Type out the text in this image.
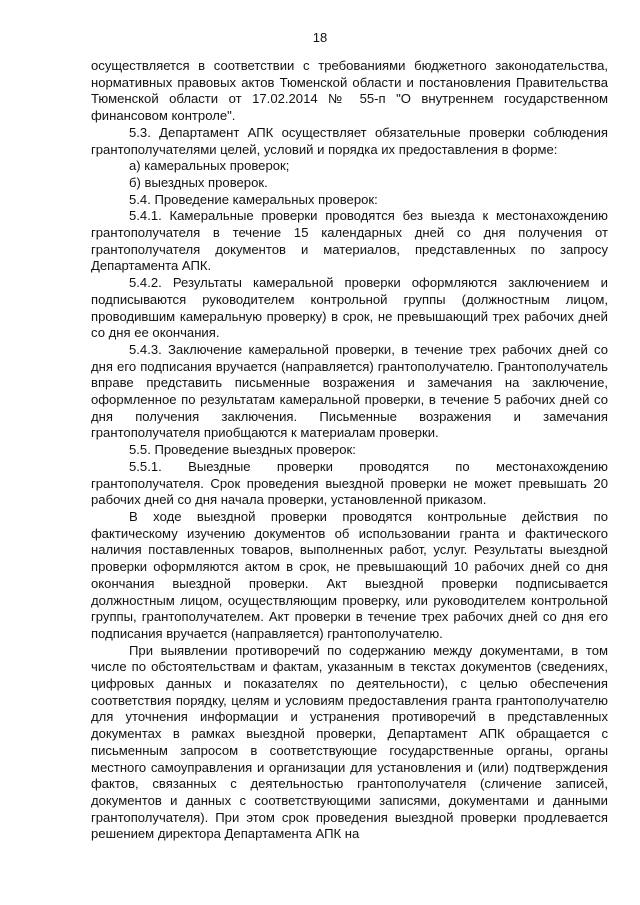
18

осуществляется в соответствии с требованиями бюджетного законодательства, нормативных правовых актов Тюменской области и постановления Правительства Тюменской области от 17.02.2014 № 55-п "О внутреннем государственном финансовом контроле".

5.3. Департамент АПК осуществляет обязательные проверки соблюдения грантополучателями целей, условий и порядка их предоставления в форме:

а) камеральных проверок;

б) выездных проверок.

5.4. Проведение камеральных проверок:

5.4.1. Камеральные проверки проводятся без выезда к местонахождению грантополучателя в течение 15 календарных дней со дня получения от грантополучателя документов и материалов, представленных по запросу Департамента АПК.

5.4.2. Результаты камеральной проверки оформляются заключением и подписываются руководителем контрольной группы (должностным лицом, проводившим камеральную проверку) в срок, не превышающий трех рабочих дней со дня ее окончания.

5.4.3. Заключение камеральной проверки, в течение трех рабочих дней со дня его подписания вручается (направляется) грантополучателю. Грантополучатель вправе представить письменные возражения и замечания на заключение, оформленное по результатам камеральной проверки, в течение 5 рабочих дней со дня получения заключения. Письменные возражения и замечания грантополучателя приобщаются к материалам проверки.

5.5. Проведение выездных проверок:

5.5.1. Выездные проверки проводятся по местонахождению грантополучателя. Срок проведения выездной проверки не может превышать 20 рабочих дней со дня начала проверки, установленной приказом.

В ходе выездной проверки проводятся контрольные действия по фактическому изучению документов об использовании гранта и фактического наличия поставленных товаров, выполненных работ, услуг. Результаты выездной проверки оформляются актом в срок, не превышающий 10 рабочих дней со дня окончания выездной проверки. Акт выездной проверки подписывается должностным лицом, осуществляющим проверку, или руководителем контрольной группы, грантополучателем. Акт проверки в течение трех рабочих дней со дня его подписания вручается (направляется) грантополучателю.

При выявлении противоречий по содержанию между документами, в том числе по обстоятельствам и фактам, указанным в текстах документов (сведениях, цифровых данных и показателях по деятельности), с целью обеспечения соответствия порядку, целям и условиям предоставления гранта грантополучателю для уточнения информации и устранения противоречий в представленных документах в рамках выездной проверки, Департамент АПК обращается с письменным запросом в соответствующие государственные органы, органы местного самоуправления и организации для установления и (или) подтверждения фактов, связанных с деятельностью грантополучателя (сличение записей, документов и данных с соответствующими записями, документами и данными грантополучателя). При этом срок проведения выездной проверки продлевается решением директора Департамента АПК на
